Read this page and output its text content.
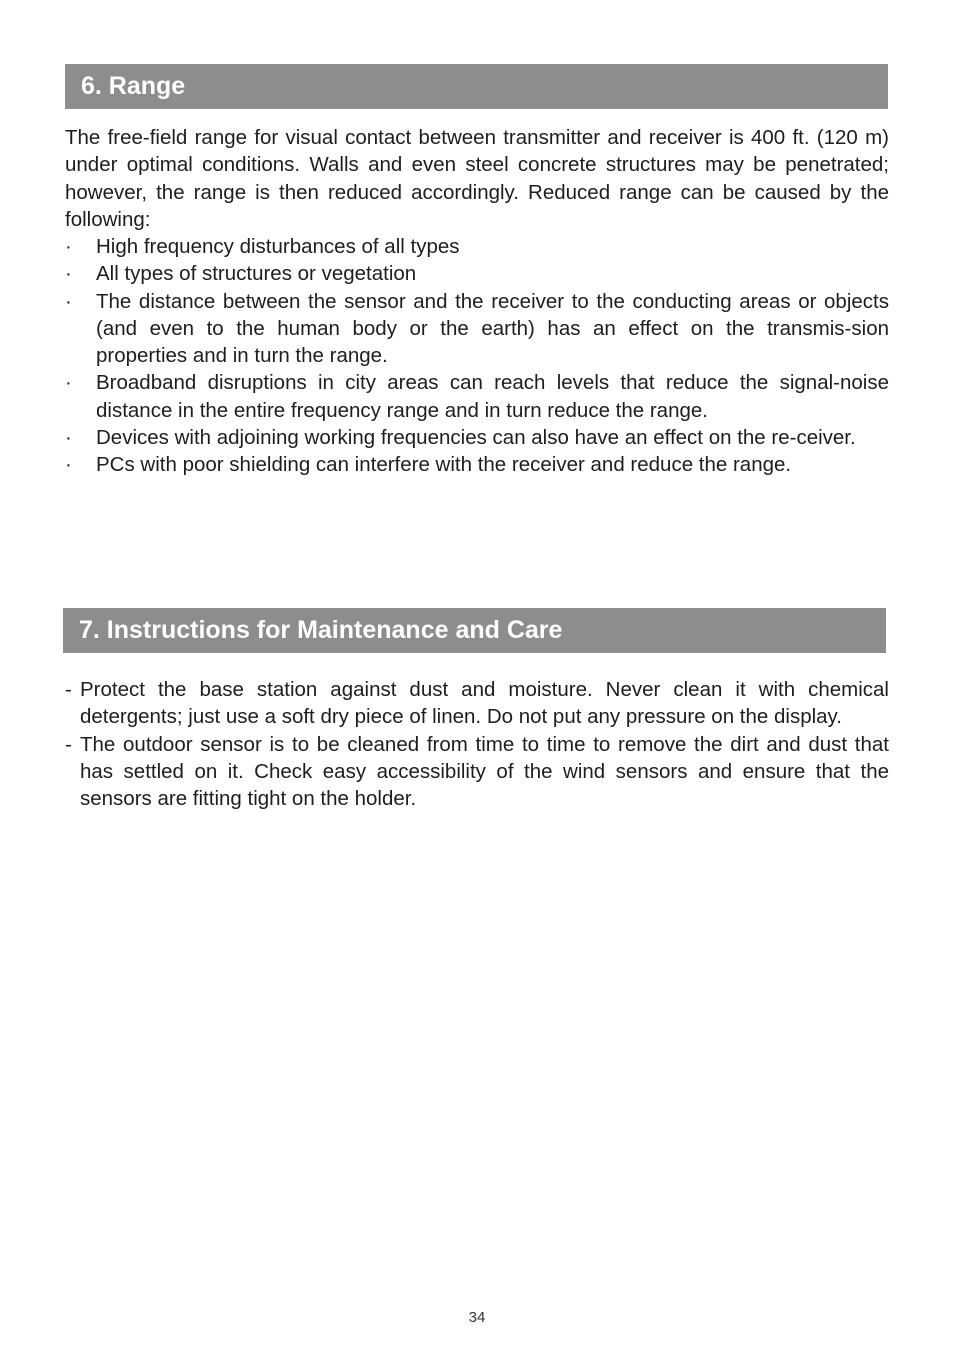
6. Range

The free-field range for visual contact between transmitter and receiver is 400 ft. (120 m) under optimal conditions. Walls and even steel concrete structures may be penetrated; however, the range is then reduced accordingly. Reduced range can be caused by the following:

· High frequency disturbances of all types
· All types of structures or vegetation
· The distance between the sensor and the receiver to the conducting areas or objects (and even to the human body or the earth) has an effect on the transmis-sion properties and in turn the range.
· Broadband disruptions in city areas can reach levels that reduce the signal-noise distance in the entire frequency range and in turn reduce the range.
· Devices with adjoining working frequencies can also have an effect on the re-ceiver.
· PCs with poor shielding can interfere with the receiver and reduce the range.
7. Instructions for Maintenance and Care
- Protect the base station against dust and moisture. Never clean it with chemical detergents; just use a soft dry piece of linen. Do not put any pressure on the display.
- The outdoor sensor is to be cleaned from time to time to remove the dirt and dust that has settled on it. Check easy accessibility of the wind sensors and ensure that the sensors are fitting tight on the holder.
34
